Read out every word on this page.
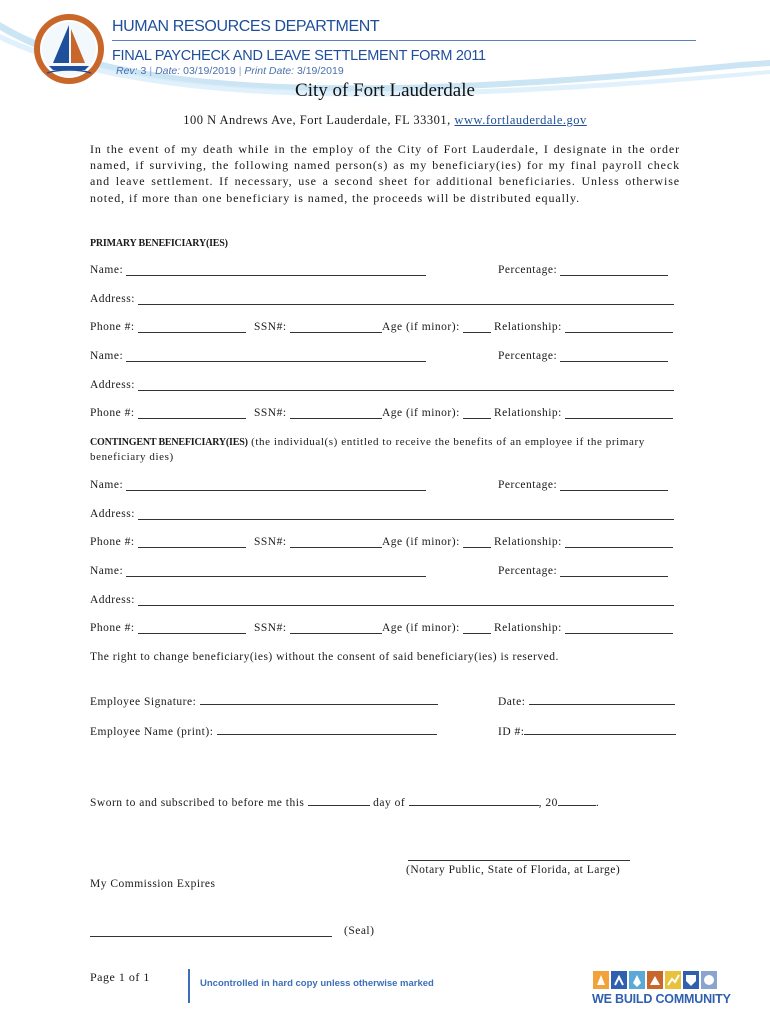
HUMAN RESOURCES DEPARTMENT
FINAL PAYCHECK AND LEAVE SETTLEMENT FORM 2011
Rev: 3 | Date: 03/19/2019 | Print Date: 3/19/2019
City of Fort Lauderdale
100 N Andrews Ave, Fort Lauderdale, FL 33301, www.fortlauderdale.gov

In the event of my death while in the employ of the City of Fort Lauderdale, I designate in the order named, if surviving, the following named person(s) as my beneficiary(ies) for my final payroll check and leave settlement. If necessary, use a second sheet for additional beneficiaries. Unless otherwise noted, if more than one beneficiary is named, the proceeds will be distributed equally.

PRIMARY BENEFICIARY(IES)
CONTINGENT BENEFICIARY(IES) (the individual(s) entitled to receive the benefits of an employee if the primary beneficiary dies)
Name:	Percentage:
Address:
Phone #:	SSN#:	Age (if minor):	Relationship:
Name:	Percentage:
Address:
Phone #:	SSN#:	Age (if minor):	Relationship:
Name:	Percentage:
Address:
Phone #:	SSN#:	Age (if minor):	Relationship:
Name:	Percentage:
Address:
Phone #:	SSN#:	Age (if minor):	Relationship:
The right to change beneficiary(ies) without the consent of said beneficiary(ies) is reserved.
Employee Signature:	Date:
Employee Name (print):	ID #:
Sworn to and subscribed to before me this	day of	, 20	.
(Notary Public, State of Florida, at Large)
My Commission Expires
(Seal)
Page 1 of 1	Uncontrolled in hard copy unless otherwise marked
WE BUILD COMMUNITY
